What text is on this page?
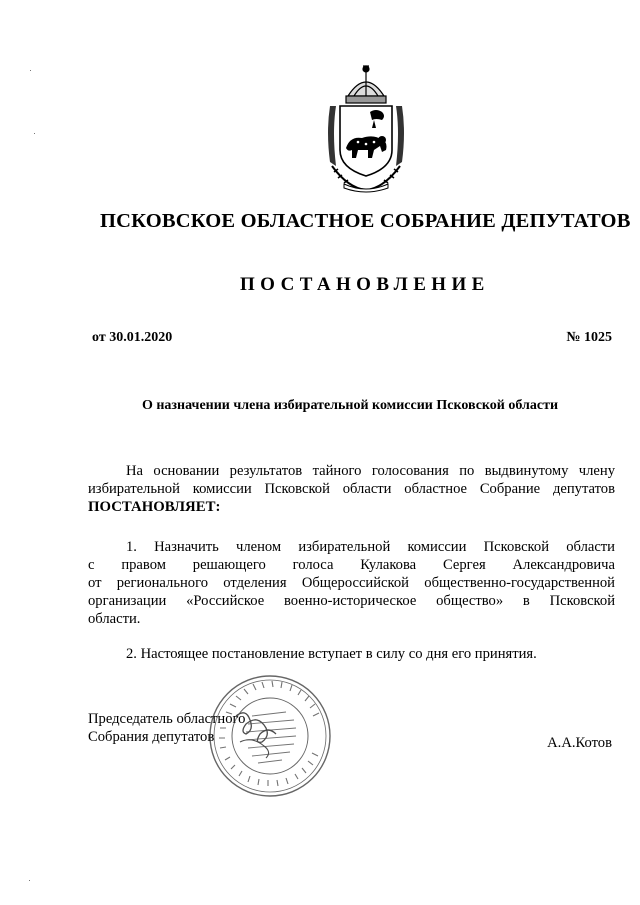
ПСКОВСКОЕ ОБЛАСТНОЕ СОБРАНИЕ ДЕПУТАТОВ
ПОСТАНОВЛЕНИЕ
от 30.01.2020	№ 1025
О назначении члена избирательной комиссии Псковской области
На основании результатов тайного голосования по выдвинутому члену
избирательной комиссии Псковской области областное Собрание депутатов
ПОСТАНОВЛЯЕТ:
1. Назначить членом избирательной комиссии Псковской области
с правом решающего голоса Кулакова Сергея Александровича
от регионального отделения Общероссийской общественно-государственной
организации «Российское военно-историческое общество» в Псковской
области.
2. Настоящее постановление вступает в силу со дня его принятия.
Председатель областного
Собрания депутатов	А.А.Котов
